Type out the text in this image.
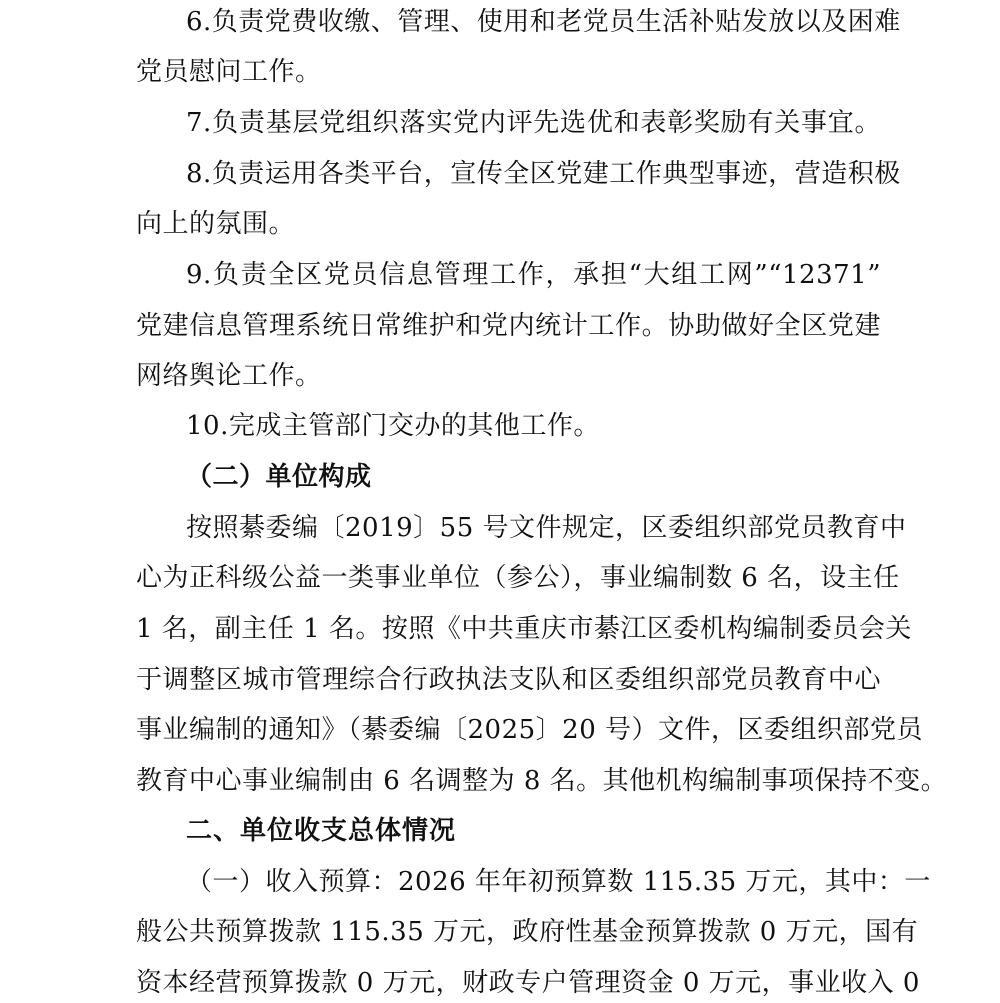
6.负责党费收缴、管理、使用和老党员生活补贴发放以及困难
党员慰问工作。
7.负责基层党组织落实党内评先选优和表彰奖励有关事宜。
8.负责运用各类平台，宣传全区党建工作典型事迹，营造积极
向上的氛围。
9.负责全区党员信息管理工作，承担“大组工网”“12371”
党建信息管理系统日常维护和党内统计工作。协助做好全区党建
网络舆论工作。
10.完成主管部门交办的其他工作。
（二）单位构成
按照綦委编〔2019〕55 号文件规定，区委组织部党员教育中
心为正科级公益一类事业单位（参公），事业编制数 6 名，设主任
1 名，副主任 1 名。按照《中共重庆市綦江区委机构编制委员会关
于调整区城市管理综合行政执法支队和区委组织部党员教育中心
事业编制的通知》（綦委编〔2025〕20 号）文件，区委组织部党员
教育中心事业编制由 6 名调整为 8 名。其他机构编制事项保持不变。
二、单位收支总体情况
（一）收入预算：2026 年年初预算数 115.35 万元，其中：一
般公共预算拨款 115.35 万元，政府性基金预算拨款 0 万元，国有
资本经营预算拨款 0 万元，财政专户管理资金 0 万元，事业收入 0
